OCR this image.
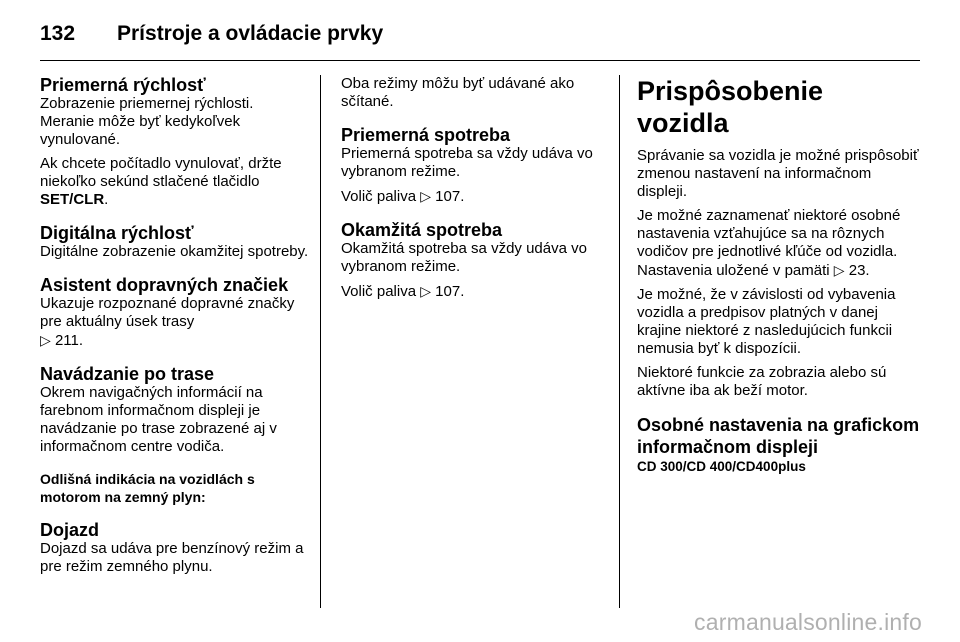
132 Prístroje a ovládacie prvky
Priemerná rýchlosť

Zobrazenie priemernej rýchlosti. Meranie môže byť kedykoľvek vynulované.

Ak chcete počítadlo vynulovať, držte niekoľko sekúnd stlačené tlačidlo SET/CLR.

Digitálna rýchlosť

Digitálne zobrazenie okamžitej spotreby.

Asistent dopravných značiek

Ukazuje rozpoznané dopravné značky pre aktuálny úsek trasy
▷ 211.

Navádzanie po trase

Okrem navigačných informácií na farebnom informačnom displeji je navádzanie po trase zobrazené aj v informačnom centre vodiča.

Odlišná indikácia na vozidlách s motorom na zemný plyn:
Dojazd

Dojazd sa udáva pre benzínový režim a pre režim zemného plynu.

Oba režimy môžu byť udávané ako sčítané.

Priemerná spotreba

Priemerná spotreba sa vždy udáva vo vybranom režime.

Volič paliva ▷ 107.

Okamžitá spotreba

Okamžitá spotreba sa vždy udáva vo vybranom režime.

Volič paliva ▷ 107.

Prispôsobenie vozidla

Správanie sa vozidla je možné prispôsobiť zmenou nastavení na informačnom displeji.

Je možné zaznamenať niektoré osobné nastavenia vzťahujúce sa na rôznych vodičov pre jednotlivé kľúče od vozidla. Nastavenia uložené v pamäti ▷ 23.

Je možné, že v závislosti od vybavenia vozidla a predpisov platných v danej krajine niektoré z nasledujúcich funkcii nemusia byť k dispozícii.

Niektoré funkcie za zobrazia alebo sú aktívne iba ak beží motor.

Osobné nastavenia na grafickom informačnom displeji
CD 300/CD 400/CD400plus
carmanualsonline.info
